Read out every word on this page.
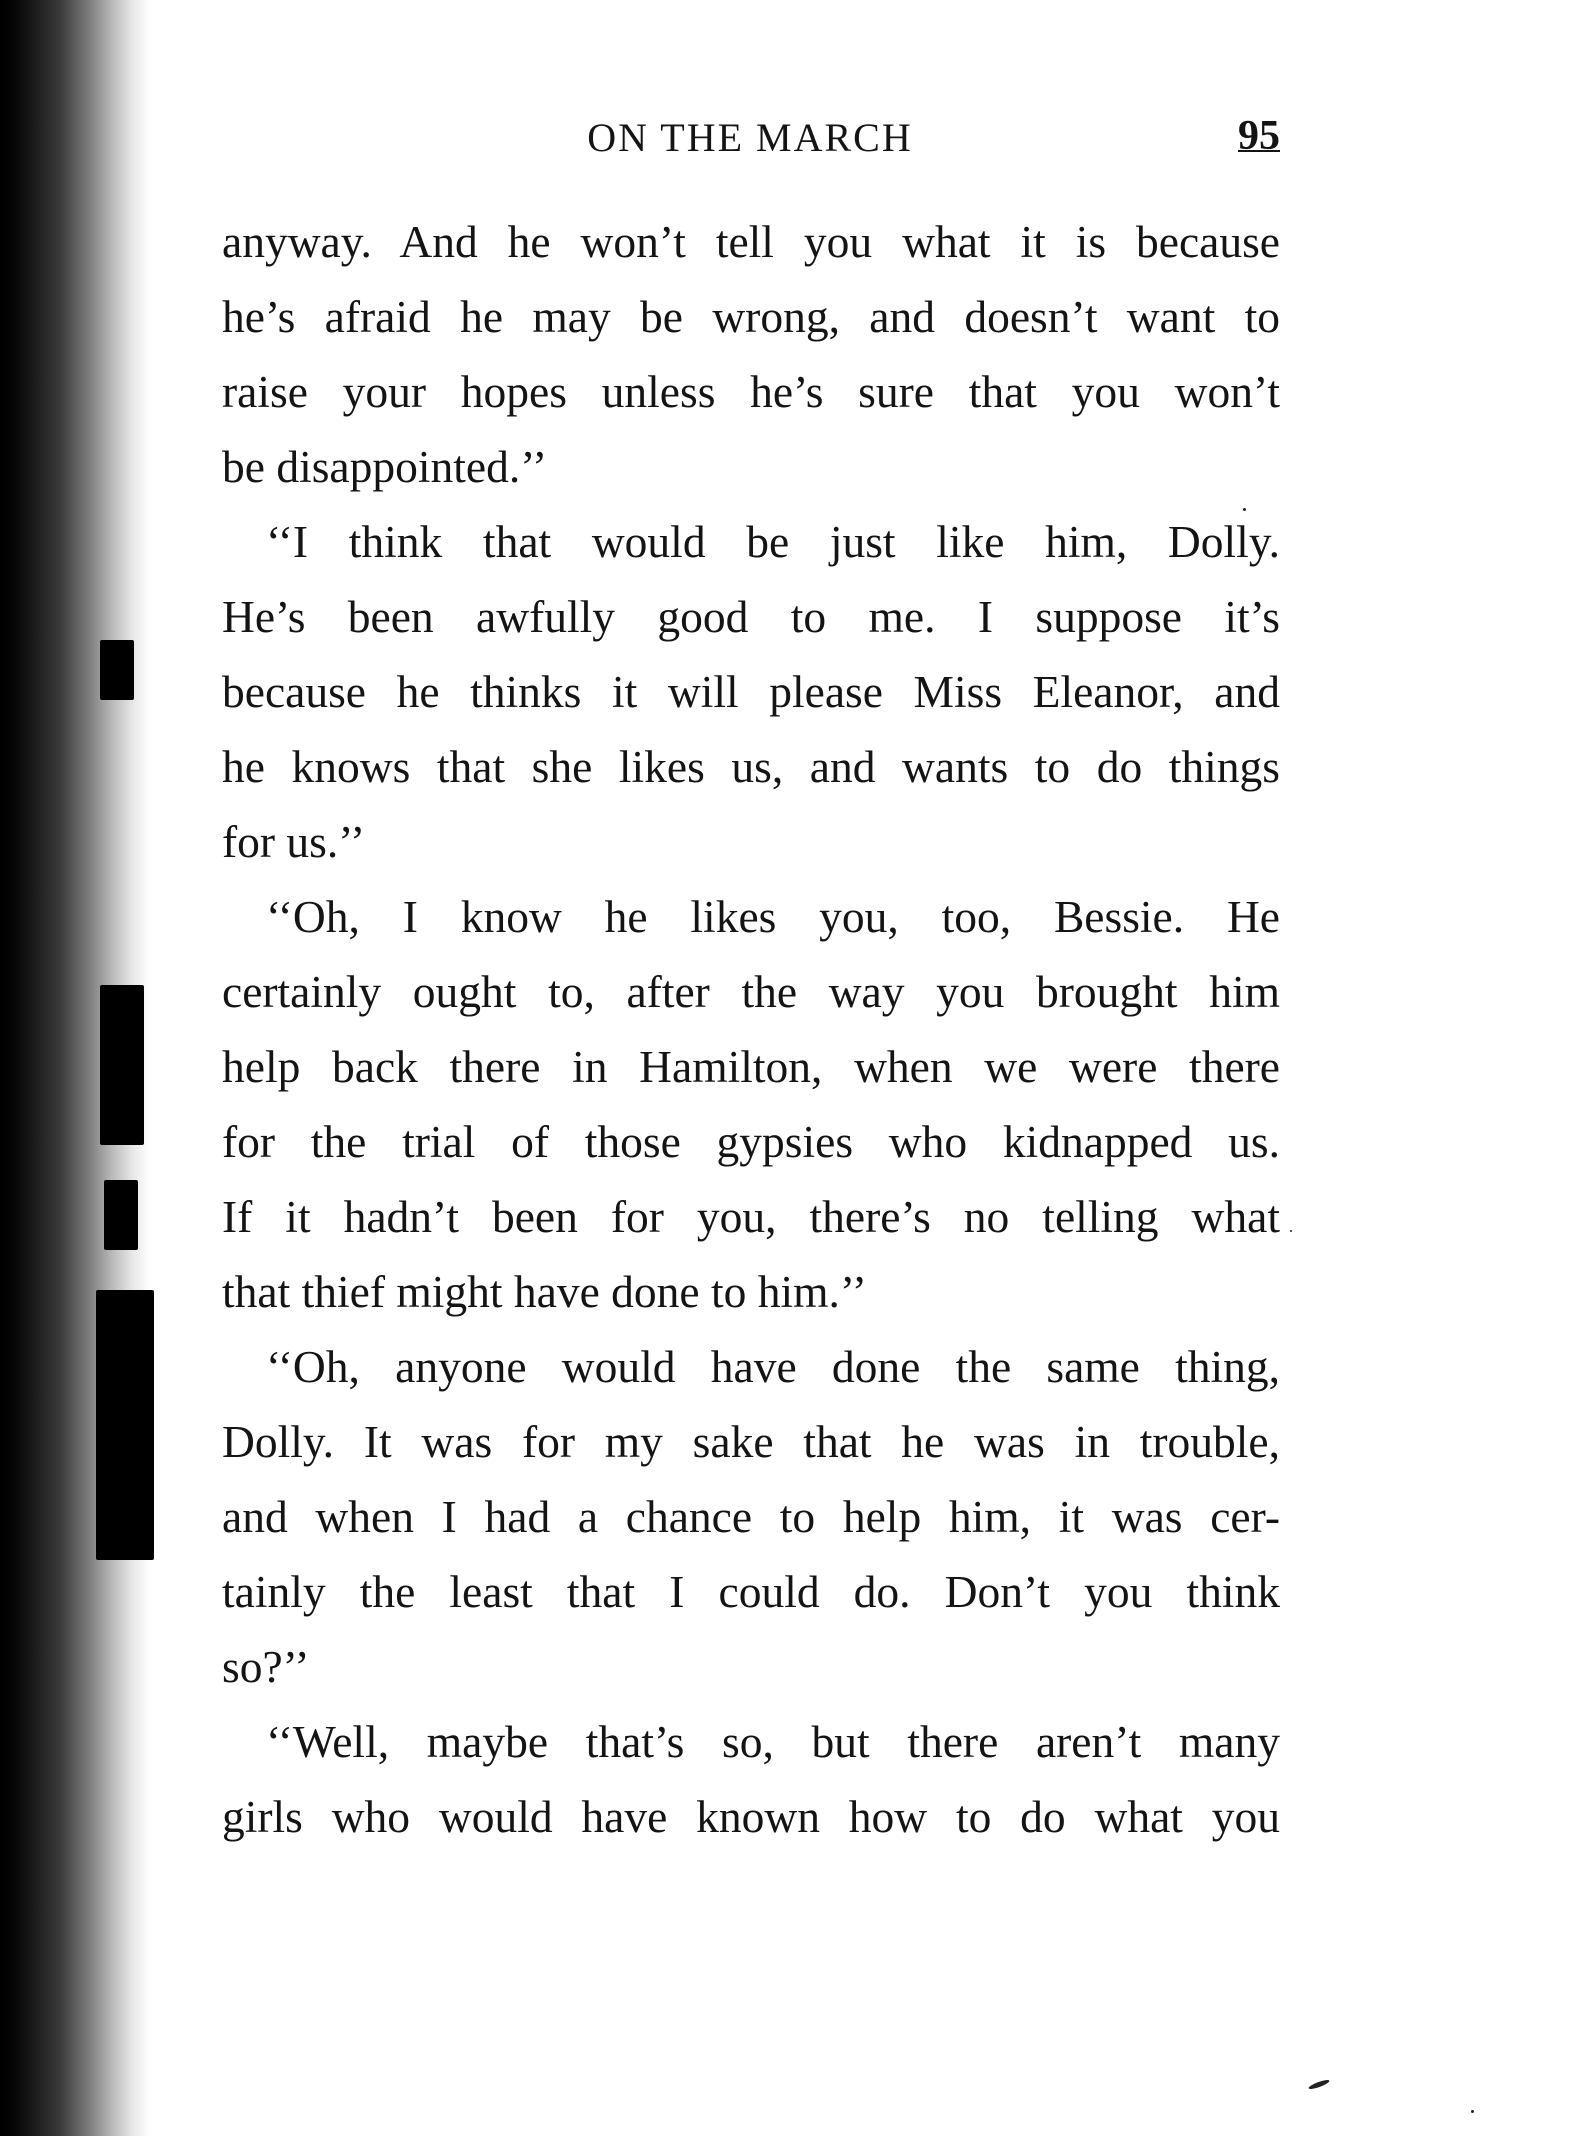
ON THE MARCH	95
anyway. And he won’t tell you what it is because
he’s afraid he may be wrong, and doesn’t want to
raise your hopes unless he’s sure that you won’t
be disappointed.’’
‘‘I think that would be just like him, Dolly.
He’s been awfully good to me. I suppose it’s
because he thinks it will please Miss Eleanor, and
he knows that she likes us, and wants to do things
for us.’’
‘‘Oh, I know he likes you, too, Bessie. He
certainly ought to, after the way you brought him
help back there in Hamilton, when we were there
for the trial of those gypsies who kidnapped us.
If it hadn’t been for you, there’s no telling what
that thief might have done to him.’’
‘‘Oh, anyone would have done the same thing,
Dolly. It was for my sake that he was in trouble,
and when I had a chance to help him, it was cer-
tainly the least that I could do. Don’t you think
so?’’
‘‘Well, maybe that’s so, but there aren’t many
girls who would have known how to do what you
